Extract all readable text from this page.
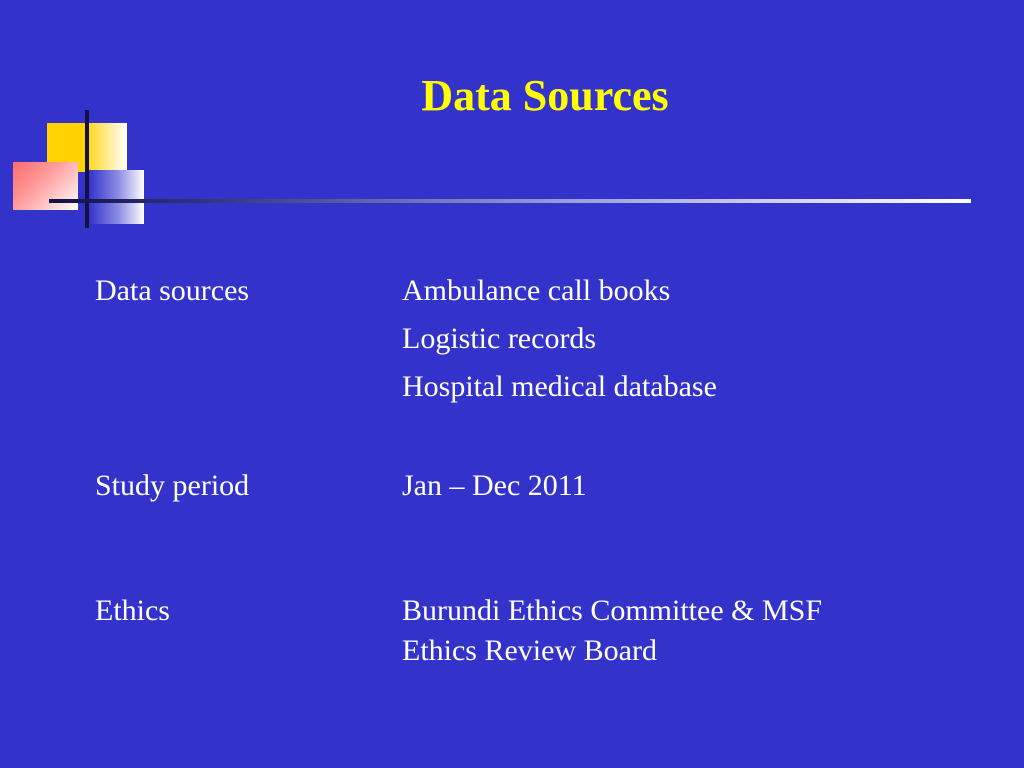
Data Sources
Data sources	Ambulance call books
Logistic records
Hospital medical database
Study period	Jan – Dec 2011
Ethics	Burundi Ethics Committee & MSF
Ethics Review Board
